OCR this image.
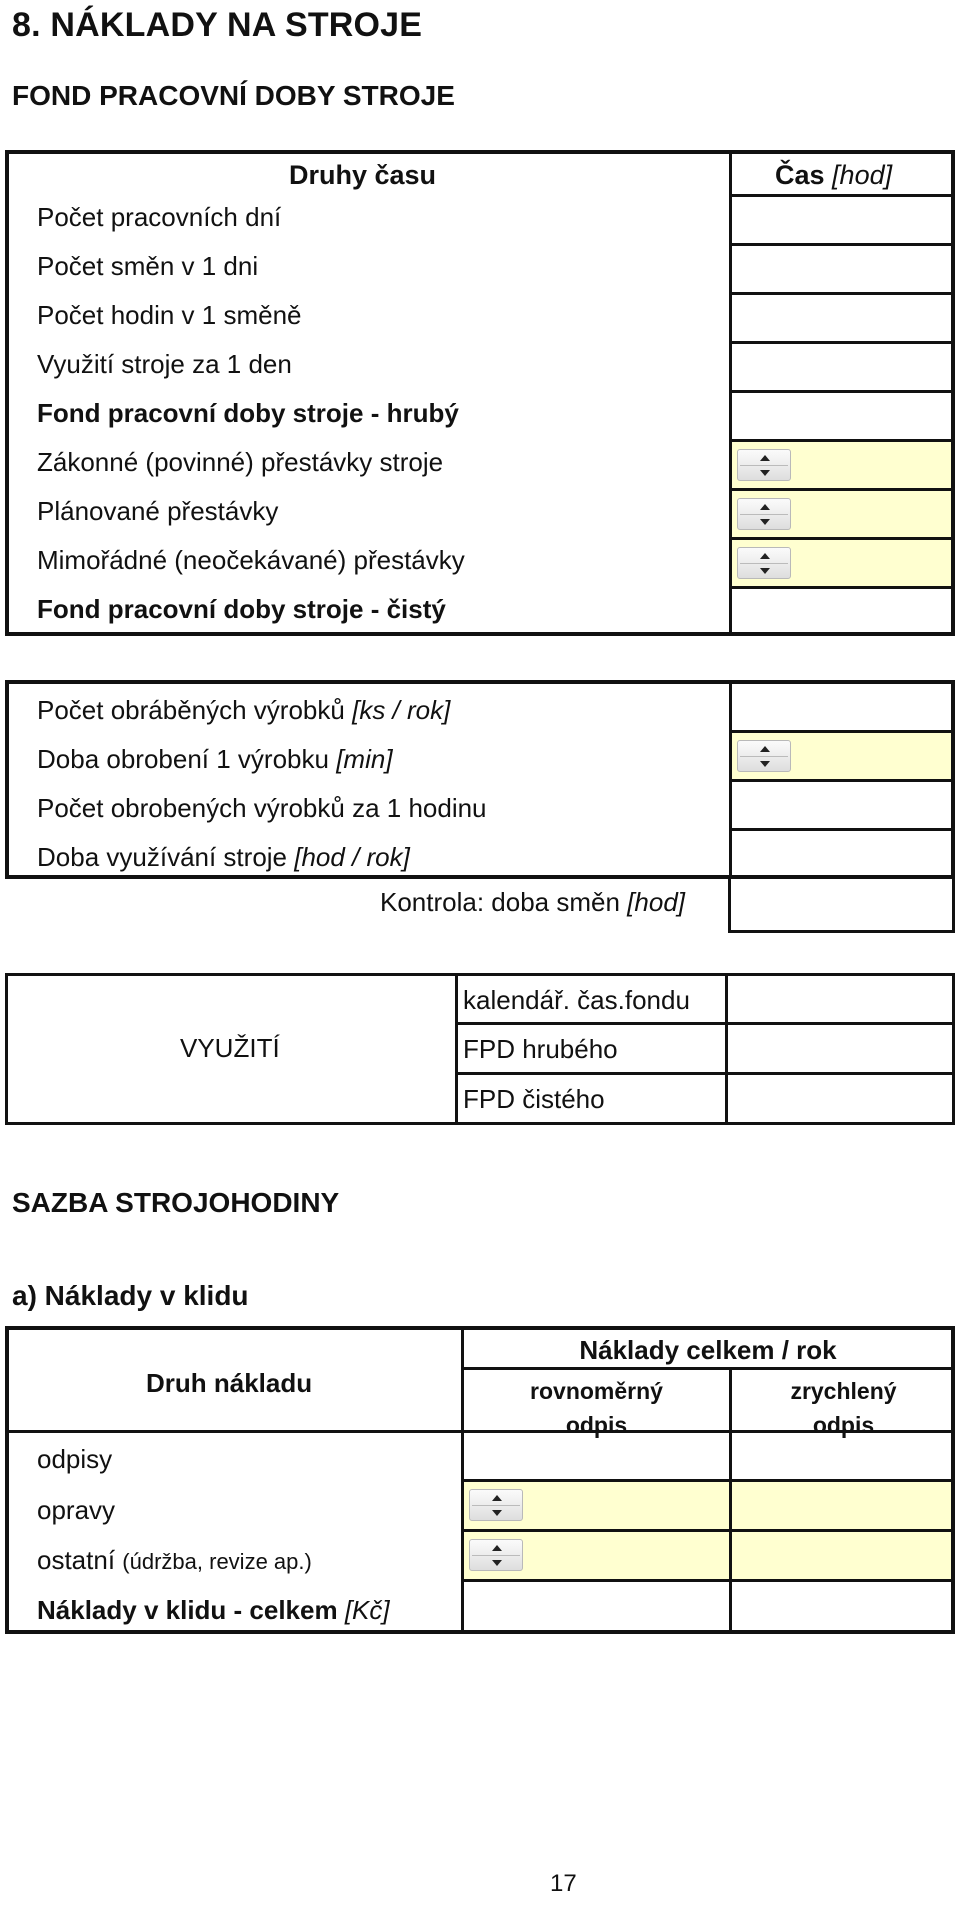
8. NÁKLADY NA STROJE
FOND PRACOVNÍ DOBY STROJE
Druhy času	Čas [hod]
Počet pracovních dní
Počet směn v 1 dni
Počet hodin v 1 směně
Využití stroje za 1 den
Fond pracovní doby stroje - hrubý
Zákonné (povinné) přestávky stroje
Plánované přestávky
Mimořádné (neočekávané) přestávky
Fond pracovní doby stroje - čistý
Počet obráběných výrobků [ks / rok]
Doba obrobení 1 výrobku [min]
Počet obrobených výrobků za 1 hodinu
Doba využívání stroje [hod / rok]
Kontrola: doba směn [hod]
VYUŽITÍ
kalendář. čas.fondu
FPD hrubého
FPD čistého
SAZBA STROJOHODINY
a) Náklady v klidu
Druh nákladu
Náklady celkem / rok
rovnoměrný
odpis
zrychlený
odpis
odpisy
opravy
ostatní (údržba, revize ap.)
Náklady v klidu - celkem [Kč]
17
